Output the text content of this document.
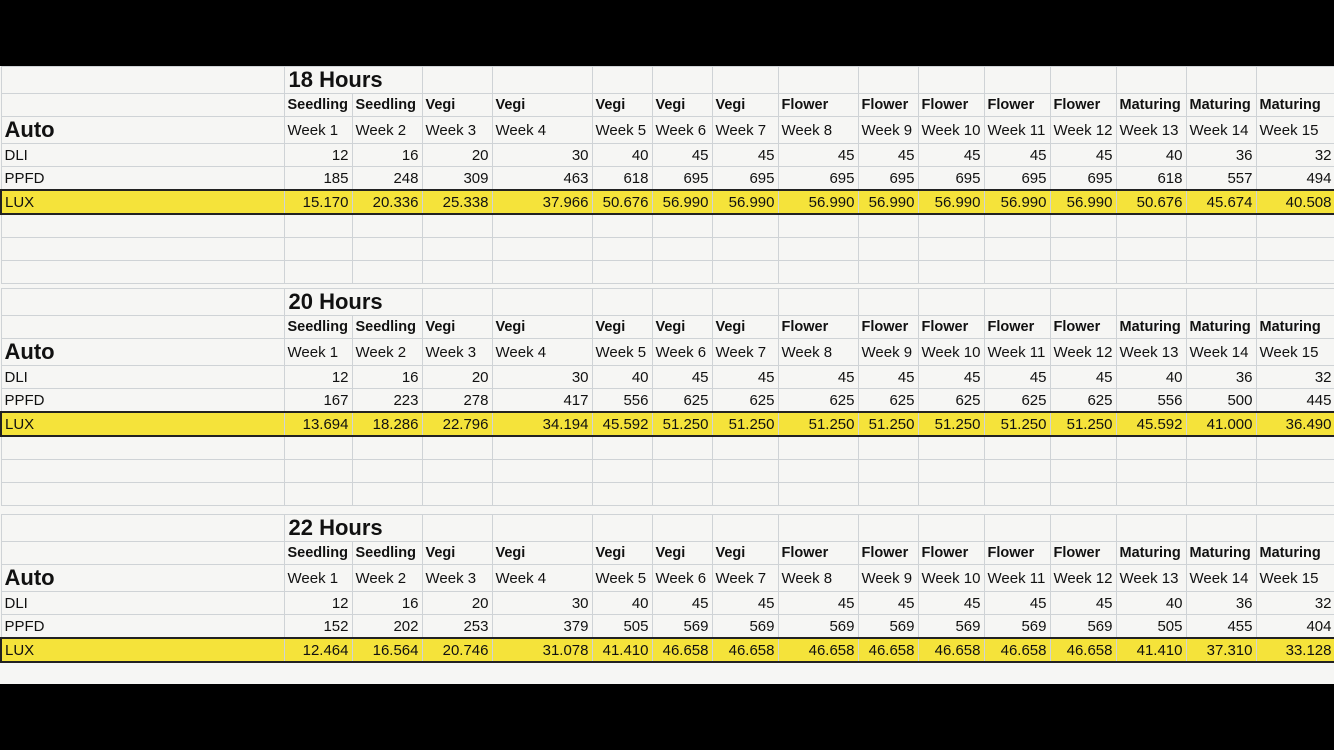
	18 Hours														
	Seedling	Seedling	Vegi	Vegi	Vegi	Vegi	Vegi	Flower	Flower	Flower	Flower	Flower	Maturing	Maturing	Maturing
Auto	Week 1	Week 2	Week 3	Week 4	Week 5	Week 6	Week 7	Week 8	Week 9	Week 10	Week 11	Week 12	Week 13	Week 14	Week 15
DLI	12	16	20	30	40	45	45	45	45	45	45	45	40	36	32
PPFD	185	248	309	463	618	695	695	695	695	695	695	695	618	557	494
LUX	15.170	20.336	25.338	37.966	50.676	56.990	56.990	56.990	56.990	56.990	56.990	56.990	50.676	45.674	40.508

	20 Hours														
	Seedling	Seedling	Vegi	Vegi	Vegi	Vegi	Vegi	Flower	Flower	Flower	Flower	Flower	Maturing	Maturing	Maturing
Auto	Week 1	Week 2	Week 3	Week 4	Week 5	Week 6	Week 7	Week 8	Week 9	Week 10	Week 11	Week 12	Week 13	Week 14	Week 15
DLI	12	16	20	30	40	45	45	45	45	45	45	45	40	36	32
PPFD	167	223	278	417	556	625	625	625	625	625	625	625	556	500	445
LUX	13.694	18.286	22.796	34.194	45.592	51.250	51.250	51.250	51.250	51.250	51.250	51.250	45.592	41.000	36.490

	22 Hours														
	Seedling	Seedling	Vegi	Vegi	Vegi	Vegi	Vegi	Flower	Flower	Flower	Flower	Flower	Maturing	Maturing	Maturing
Auto	Week 1	Week 2	Week 3	Week 4	Week 5	Week 6	Week 7	Week 8	Week 9	Week 10	Week 11	Week 12	Week 13	Week 14	Week 15
DLI	12	16	20	30	40	45	45	45	45	45	45	45	40	36	32
PPFD	152	202	253	379	505	569	569	569	569	569	569	569	505	455	404
LUX	12.464	16.564	20.746	31.078	41.410	46.658	46.658	46.658	46.658	46.658	46.658	46.658	41.410	37.310	33.128
